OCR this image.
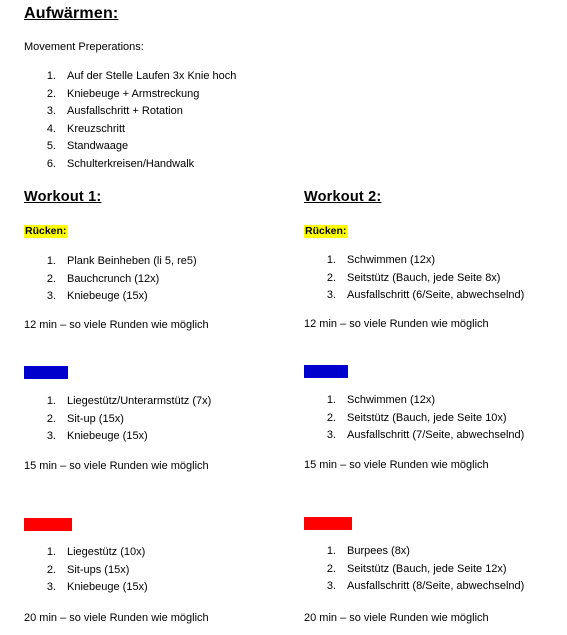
Aufwärmen:
Movement Preperations:
1. Auf der Stelle Laufen 3x Knie hoch
2. Kniebeuge + Armstreckung
3. Ausfallschritt + Rotation
4. Kreuzschritt
5. Standwaage
6. Schulterkreisen/Handwalk
Workout 1:
Rücken:
1. Plank Beinheben (li 5, re5)
2. Bauchcrunch (12x)
3. Kniebeuge (15x)
12 min – so viele Runden wie möglich
Body Fit
1. Liegestütz/Unterarmstütz (7x)
2. Sit-up (15x)
3. Kniebeuge (15x)
15 min – so viele Runden wie möglich
Cross Fit
1. Liegestütz (10x)
2. Sit-ups (15x)
3. Kniebeuge (15x)
20 min – so viele Runden wie möglich
Workout 2:
Rücken:
1. Schwimmen (12x)
2. Seitstütz (Bauch, jede Seite 8x)
3. Ausfallschritt (6/Seite, abwechselnd)
12 min – so viele Runden wie möglich
Body Fit
1. Schwimmen (12x)
2. Seitstütz (Bauch, jede Seite 10x)
3. Ausfallschritt (7/Seite, abwechselnd)
15 min – so viele Runden wie möglich
Cross Fit
1. Burpees (8x)
2. Seitstütz (Bauch, jede Seite 12x)
3. Ausfallschritt (8/Seite, abwechselnd)
20 min – so viele Runden wie möglich
